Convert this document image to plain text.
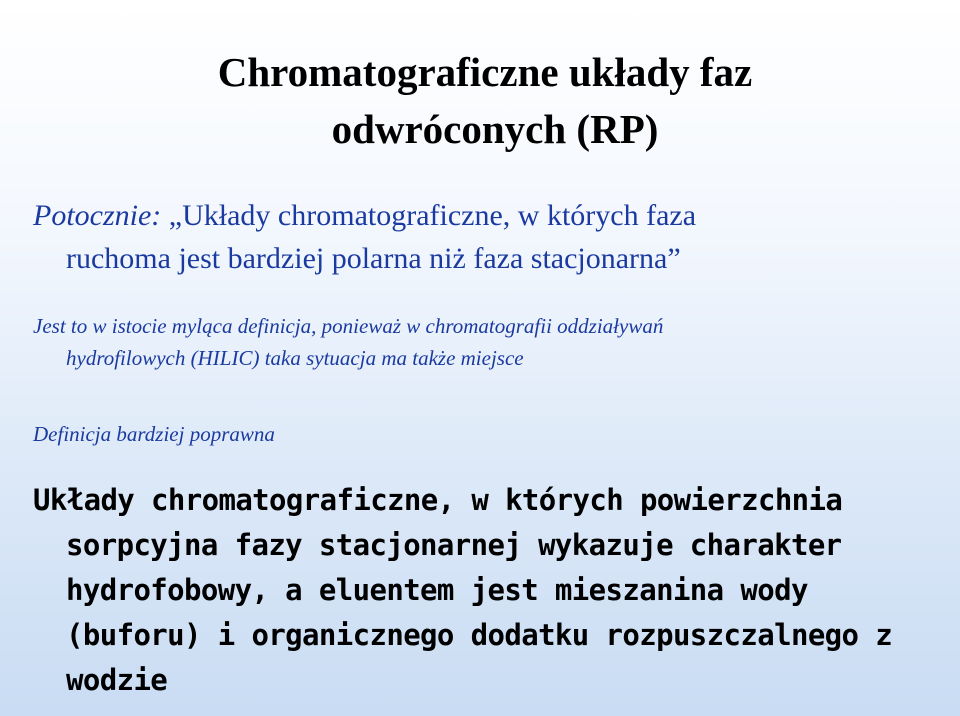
Chromatograficzne układy faz
odwróconych (RP)
Potocznie: „Układy chromatograficzne, w których faza
ruchoma jest bardziej polarna niż faza stacjonarna”
Jest to w istocie myląca definicja, ponieważ w chromatografii oddziaływań
hydrofilowych (HILIC) taka sytuacja ma także miejsce
Definicja bardziej poprawna
Układy chromatograficzne, w których powierzchnia
sorpcyjna fazy stacjonarnej wykazuje charakter
hydrofobowy, a eluentem jest mieszanina wody
(buforu) i organicznego dodatku rozpuszczalnego z
wodzie
